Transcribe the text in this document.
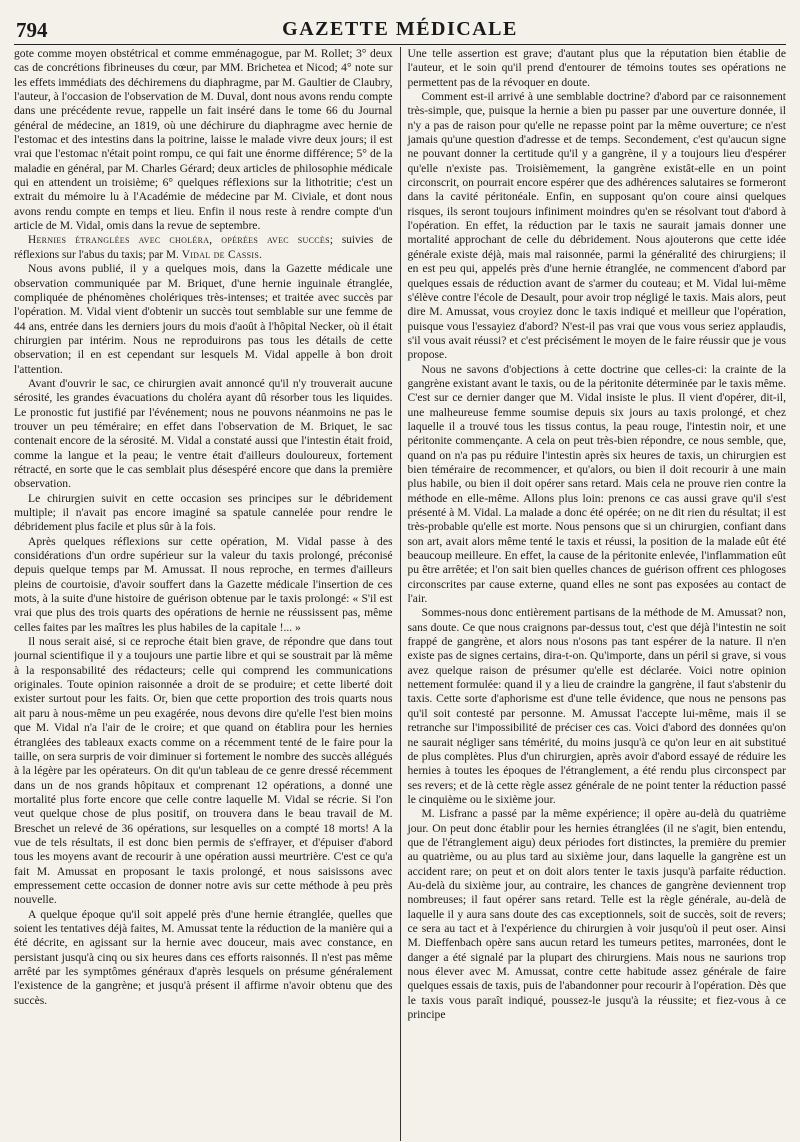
794	GAZETTE MÉDICALE

gote comme moyen obstétrical et comme emménagogue, par M. Rollet; 3° deux cas de concrétions fibrineuses du cœur, par MM. Brichetea et Nicod; 4° note sur les effets immédiats des déchiremens du diaphragme, par M. Gaultier de Claubry, l'auteur, à l'occasion de l'observation de M. Duval, dont nous avons rendu compte dans une précédente revue, rappelle un fait inséré dans le tome 66 du Journal général de médecine, an 1819, où une déchirure du diaphragme avec hernie de l'estomac et des intestins dans la poitrine, laisse le malade vivre deux jours; il est vrai que l'estomac n'était point rompu, ce qui fait une énorme différence; 5° de la maladie en général, par M. Charles Gérard; deux articles de philosophie médicale qui en attendent un troisième; 6° quelques réflexions sur la lithotritie; c'est un extrait du mémoire lu à l'Académie de médecine par M. Civiale, et dont nous avons rendu compte en temps et lieu. Enfin il nous reste à rendre compte d'un article de M. Vidal, omis dans la revue de septembre.

Hernies étranglées avec choléra, opérées avec succès; suivies de réflexions sur l'abus du taxis; par M. Vidal de Cassis.

Nous avons publié, il y a quelques mois, dans la Gazette médicale une observation communiquée par M. Briquet, d'une hernie inguinale étranglée, compliquée de phénomènes cholériques très-intenses; et traitée avec succès par l'opération. M. Vidal vient d'obtenir un succès tout semblable sur une femme de 44 ans, entrée dans les derniers jours du mois d'août à l'hôpital Necker, où il était chirurgien par intérim. Nous ne reproduirons pas tous les détails de cette observation; il en est cependant sur lesquels M. Vidal appelle à bon droit l'attention.

Avant d'ouvrir le sac, ce chirurgien avait annoncé qu'il n'y trouverait aucune sérosité, les grandes évacuations du choléra ayant dû résorber tous les liquides. Le pronostic fut justifié par l'événement; nous ne pouvons néanmoins ne pas le trouver un peu téméraire; en effet dans l'observation de M. Briquet, le sac contenait encore de la sérosité. M. Vidal a constaté aussi que l'intestin était froid, comme la langue et la peau; le ventre était d'ailleurs douloureux, fortement rétracté, en sorte que le cas semblait plus désespéré encore que dans la première observation.

Le chirurgien suivit en cette occasion ses principes sur le débridement multiple; il n'avait pas encore imaginé sa spatule cannelée pour rendre le débridement plus facile et plus sûr à la fois.

Après quelques réflexions sur cette opération, M. Vidal passe à des considérations d'un ordre supérieur sur la valeur du taxis prolongé, préconisé depuis quelque temps par M. Amussat. Il nous reproche, en termes d'ailleurs pleins de courtoisie, d'avoir souffert dans la Gazette médicale l'insertion de ces mots, à la suite d'une histoire de guérison obtenue par le taxis prolongé: « S'il est vrai que plus des trois quarts des opérations de hernie ne réussissent pas, même celles faites par les maîtres les plus habiles de la capitale !... »

Il nous serait aisé, si ce reproche était bien grave, de répondre que dans tout journal scientifique il y a toujours une partie libre et qui se soustrait par là même à la responsabilité des rédacteurs; celle qui comprend les communications originales. Toute opinion raisonnée a droit de se produire; et cette liberté doit exister surtout pour les faits. Or, bien que cette proportion des trois quarts nous ait paru à nous-même un peu exagérée, nous devons dire qu'elle l'est bien moins que M. Vidal n'a l'air de le croire; et que quand on établira pour les hernies étranglées des tableaux exacts comme on a récemment tenté de le faire pour la taille, on sera surpris de voir diminuer si fortement le nombre des succès allégués à la légère par les opérateurs. On dit qu'un tableau de ce genre dressé récemment dans un de nos grands hôpitaux et comprenant 12 opérations, a donné une mortalité plus forte encore que celle contre laquelle M. Vidal se récrie. Si l'on veut quelque chose de plus positif, on trouvera dans le beau travail de M. Breschet un relevé de 36 opérations, sur lesquelles on a compté 18 morts! A la vue de tels résultats, il est donc bien permis de s'effrayer, et d'épuiser d'abord tous les moyens avant de recourir à une opération aussi meurtrière. C'est ce qu'a fait M. Amussat en proposant le taxis prolongé, et nous saisissons avec empressement cette occasion de donner notre avis sur cette méthode à peu près nouvelle.

A quelque époque qu'il soit appelé près d'une hernie étranglée, quelles que soient les tentatives déjà faites, M. Amussat tente la réduction de la manière qui a été décrite, en agissant sur la hernie avec douceur, mais avec constance, en persistant jusqu'à cinq ou six heures dans ces efforts raisonnés. Il n'est pas même arrêté par les symptômes généraux d'après lesquels on présume généralement l'existence de la gangrène; et jusqu'à présent il affirme n'avoir obtenu que des succès.

Une telle assertion est grave; d'autant plus que la réputation bien établie de l'auteur, et le soin qu'il prend d'entourer de témoins toutes ses opérations ne permettent pas de la révoquer en doute.

Comment est-il arrivé à une semblable doctrine? d'abord par ce raisonnement très-simple, que, puisque la hernie a bien pu passer par une ouverture donnée, il n'y a pas de raison pour qu'elle ne repasse point par la même ouverture; ce n'est jamais qu'une question d'adresse et de temps. Secondement, c'est qu'aucun signe ne pouvant donner la certitude qu'il y a gangrène, il y a toujours lieu d'espérer qu'elle n'existe pas. Troisièmement, la gangrène existât-elle en un point circonscrit, on pourrait encore espérer que des adhérences salutaires se formeront dans la cavité péritonéale. Enfin, en supposant qu'on coure ainsi quelques risques, ils seront toujours infiniment moindres qu'en se résolvant tout d'abord à l'opération. En effet, la réduction par le taxis ne saurait jamais donner une mortalité approchant de celle du débridement. Nous ajouterons que cette idée générale existe déjà, mais mal raisonnée, parmi la généralité des chirurgiens; il en est peu qui, appelés près d'une hernie étranglée, ne commencent d'abord par quelques essais de réduction avant de s'armer du couteau; et M. Vidal lui-même s'élève contre l'école de Desault, pour avoir trop négligé le taxis. Mais alors, peut dire M. Amussat, vous croyiez donc le taxis indiqué et meilleur que l'opération, puisque vous l'essayiez d'abord? N'est-il pas vrai que vous vous seriez applaudis, s'il vous avait réussi? et c'est précisément le moyen de le faire réussir que je vous propose.

Nous ne savons d'objections à cette doctrine que celles-ci: la crainte de la gangrène existant avant le taxis, ou de la péritonite déterminée par le taxis même. C'est sur ce dernier danger que M. Vidal insiste le plus. Il vient d'opérer, dit-il, une malheureuse femme soumise depuis six jours au taxis prolongé, et chez laquelle il a trouvé tous les tissus contus, la peau rouge, l'intestin noir, et une péritonite commençante. A cela on peut très-bien répondre, ce nous semble, que, quand on n'a pas pu réduire l'intestin après six heures de taxis, un chirurgien est bien téméraire de recommencer, et qu'alors, ou bien il doit recourir à une main plus habile, ou bien il doit opérer sans retard. Mais cela ne prouve rien contre la méthode en elle-même. Allons plus loin: prenons ce cas aussi grave qu'il s'est présenté à M. Vidal. La malade a donc été opérée; on ne dit rien du résultat; il est très-probable qu'elle est morte. Nous pensons que si un chirurgien, confiant dans son art, avait alors même tenté le taxis et réussi, la position de la malade eût été beaucoup meilleure. En effet, la cause de la péritonite enlevée, l'inflammation eût pu être arrêtée; et l'on sait bien quelles chances de guérison offrent ces phlogoses circonscrites par cause externe, quand elles ne sont pas exposées au contact de l'air.

Sommes-nous donc entièrement partisans de la méthode de M. Amussat? non, sans doute. Ce que nous craignons par-dessus tout, c'est que déjà l'intestin ne soit frappé de gangrène, et alors nous n'osons pas tant espérer de la nature. Il n'en existe pas de signes certains, dira-t-on. Qu'importe, dans un péril si grave, si vous avez quelque raison de présumer qu'elle est déclarée. Voici notre opinion nettement formulée: quand il y a lieu de craindre la gangrène, il faut s'abstenir du taxis. Cette sorte d'aphorisme est d'une telle évidence, que nous ne pensons pas qu'il soit contesté par personne. M. Amussat l'accepte lui-même, mais il se retranche sur l'impossibilité de préciser ces cas. Voici d'abord des données qu'on ne saurait négliger sans témérité, du moins jusqu'à ce qu'on leur en ait substitué de plus complètes. Plus d'un chirurgien, après avoir d'abord essayé de réduire les hernies à toutes les époques de l'étranglement, a été rendu plus circonspect par ses revers; et de là cette règle assez générale de ne point tenter la réduction passé le cinquième ou le sixième jour.

M. Lisfranc a passé par la même expérience; il opère au-delà du quatrième jour. On peut donc établir pour les hernies étranglées (il ne s'agit, bien entendu, que de l'étranglement aigu) deux périodes fort distinctes, la première du premier au quatrième, ou au plus tard au sixième jour, dans laquelle la gangrène est un accident rare; on peut et on doit alors tenter le taxis jusqu'à parfaite réduction. Au-delà du sixième jour, au contraire, les chances de gangrène deviennent trop nombreuses; il faut opérer sans retard. Telle est la règle générale, au-delà de laquelle il y aura sans doute des cas exceptionnels, soit de succès, soit de revers; ce sera au tact et à l'expérience du chirurgien à voir jusqu'où il peut oser. Ainsi M. Dieffenbach opère sans aucun retard les tumeurs petites, marronées, dont le danger a été signalé par la plupart des chirurgiens. Mais nous ne saurions trop nous élever avec M. Amussat, contre cette habitude assez générale de faire quelques essais de taxis, puis de l'abandonner pour recourir à l'opération. Dès que le taxis vous paraît indiqué, poussez-le jusqu'à la réussite; et fiez-vous à ce principe
